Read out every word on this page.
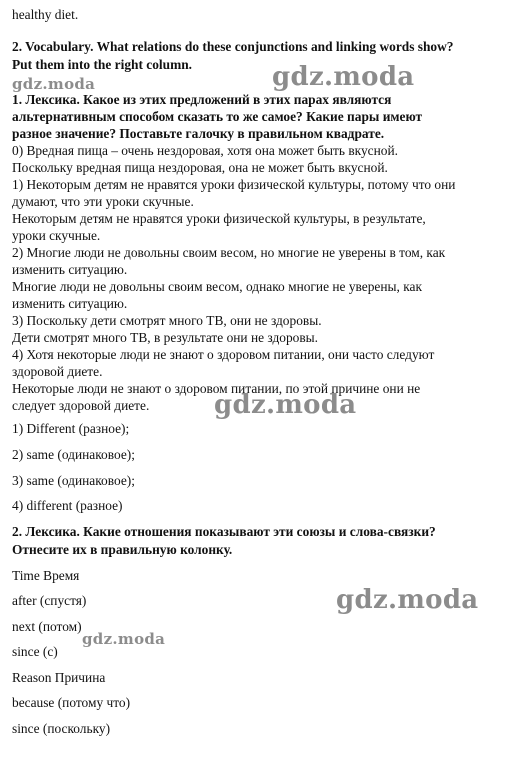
healthy diet.
2. Vocabulary. What relations do these conjunctions and linking words show?
Put them into the right column.
gdz.moda	gdz.moda
1. Лексика. Какое из этих предложений в этих парах являются
альтернативным способом сказать то же самое? Какие пары имеют
разное значение? Поставьте галочку в правильном квадрате.
0) Вредная пища – очень нездоровая, хотя она может быть вкусной.
Поскольку вредная пища нездоровая, она не может быть вкусной.
1) Некоторым детям не нравятся уроки физической культуры, потому что они
думают, что эти уроки скучные.
Некоторым детям не нравятся уроки физической культуры, в результате,
уроки скучные.
2) Многие люди не довольны своим весом, но многие не уверены в том, как
изменить ситуацию.
Многие люди не довольны своим весом, однако многие не уверены, как
изменить ситуацию.
3) Поскольку дети смотрят много ТВ, они не здоровы.
Дети смотрят много ТВ, в результате они не здоровы.
4) Хотя некоторые люди не знают о здоровом питании, они часто следуют
здоровой диете.
Некоторые люди не знают о здоровом питании, по этой причине они не
следует здоровой диете. gdz.moda
1) Different (разное);
2) same (одинаковое);
3) same (одинаковое);
4) different (разное)
2. Лексика. Какие отношения показывают эти союзы и слова-связки?
Отнесите их в правильную колонку.
Time Время
after (спустя)
next (потом)
since (с)
Reason Причина
because (потому что)
since (поскольку)
gdz.moda
gdz.moda
